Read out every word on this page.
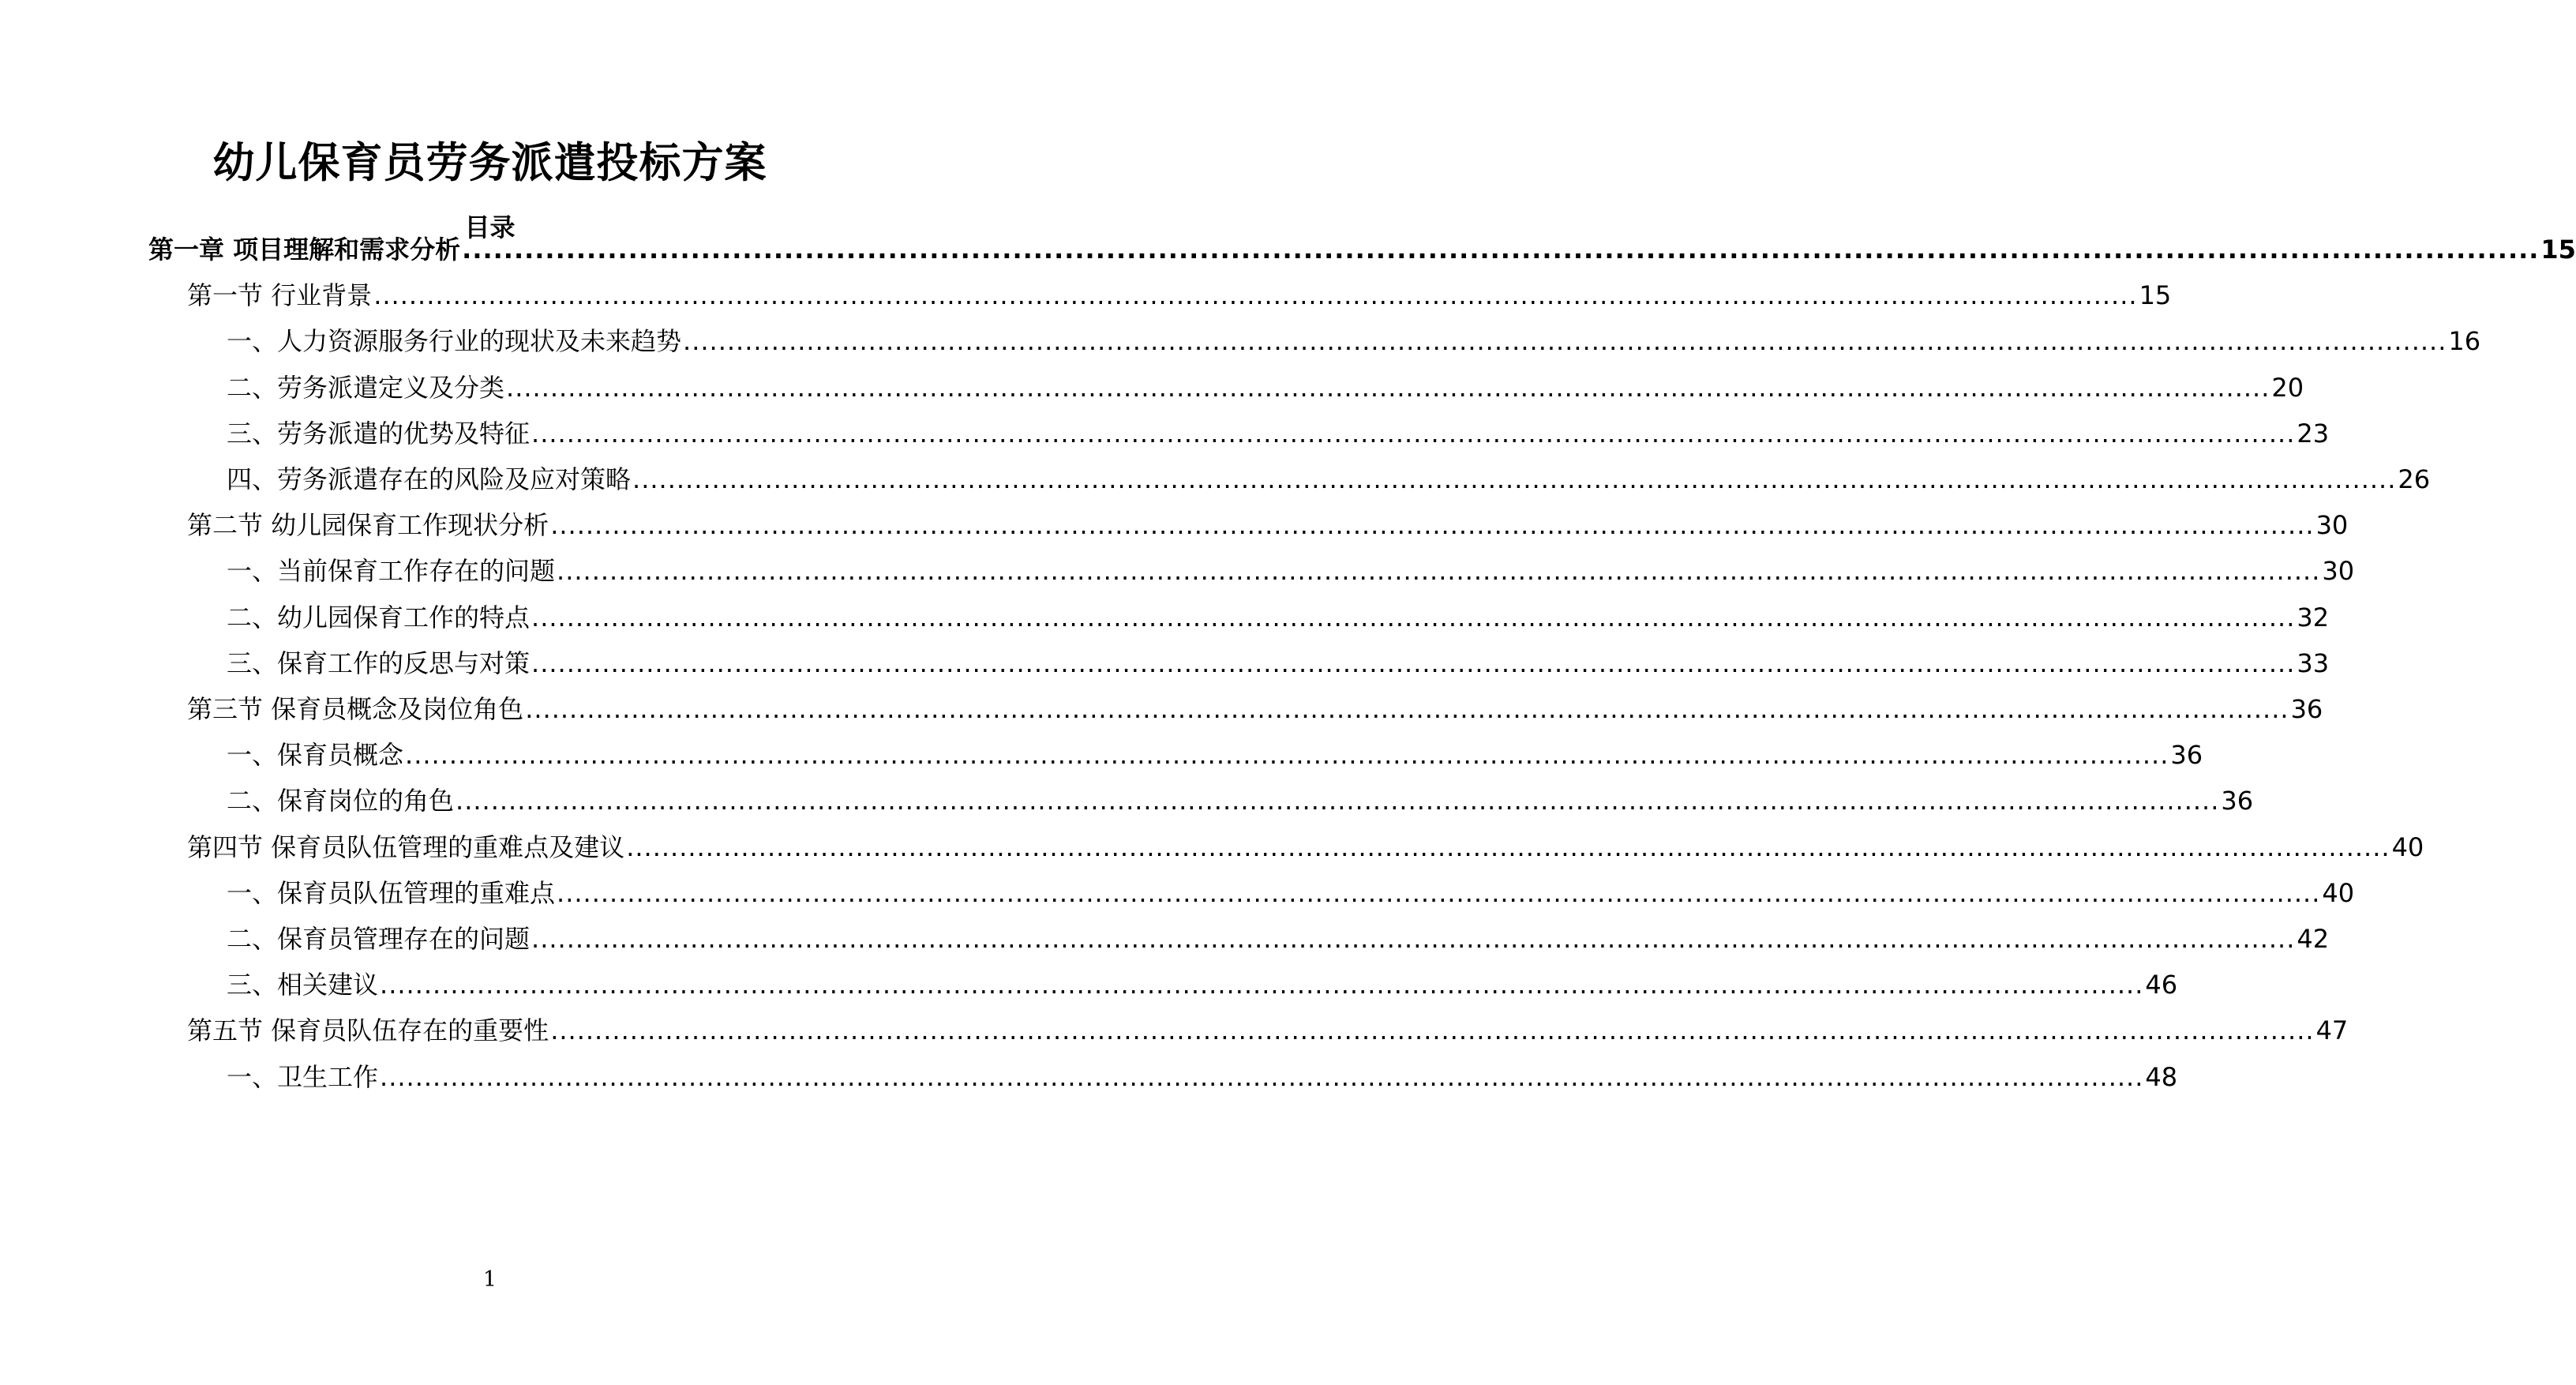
幼儿保育员劳务派遣投标方案
目录
第一章 项目理解和需求分析 ........................................................................................................................................................................................................ 15
第一节 行业背景 ........................................................................................................................................................................................................ 15
一、人力资源服务行业的现状及未来趋势 ........................................................................................................................................................................................................ 16
二、劳务派遣定义及分类 ........................................................................................................................................................................................................ 20
三、劳务派遣的优势及特征 ........................................................................................................................................................................................................ 23
四、劳务派遣存在的风险及应对策略 ........................................................................................................................................................................................................ 26
第二节 幼儿园保育工作现状分析 ........................................................................................................................................................................................................ 30
一、当前保育工作存在的问题 ........................................................................................................................................................................................................ 30
二、幼儿园保育工作的特点 ........................................................................................................................................................................................................ 32
三、保育工作的反思与对策 ........................................................................................................................................................................................................ 33
第三节 保育员概念及岗位角色 ........................................................................................................................................................................................................ 36
一、保育员概念 ........................................................................................................................................................................................................ 36
二、保育岗位的角色 ........................................................................................................................................................................................................ 36
第四节 保育员队伍管理的重难点及建议 ........................................................................................................................................................................................................ 40
一、保育员队伍管理的重难点 ........................................................................................................................................................................................................ 40
二、保育员管理存在的问题 ........................................................................................................................................................................................................ 42
三、相关建议 ........................................................................................................................................................................................................ 46
第五节 保育员队伍存在的重要性 ........................................................................................................................................................................................................ 47
一、卫生工作 ........................................................................................................................................................................................................ 48
1
